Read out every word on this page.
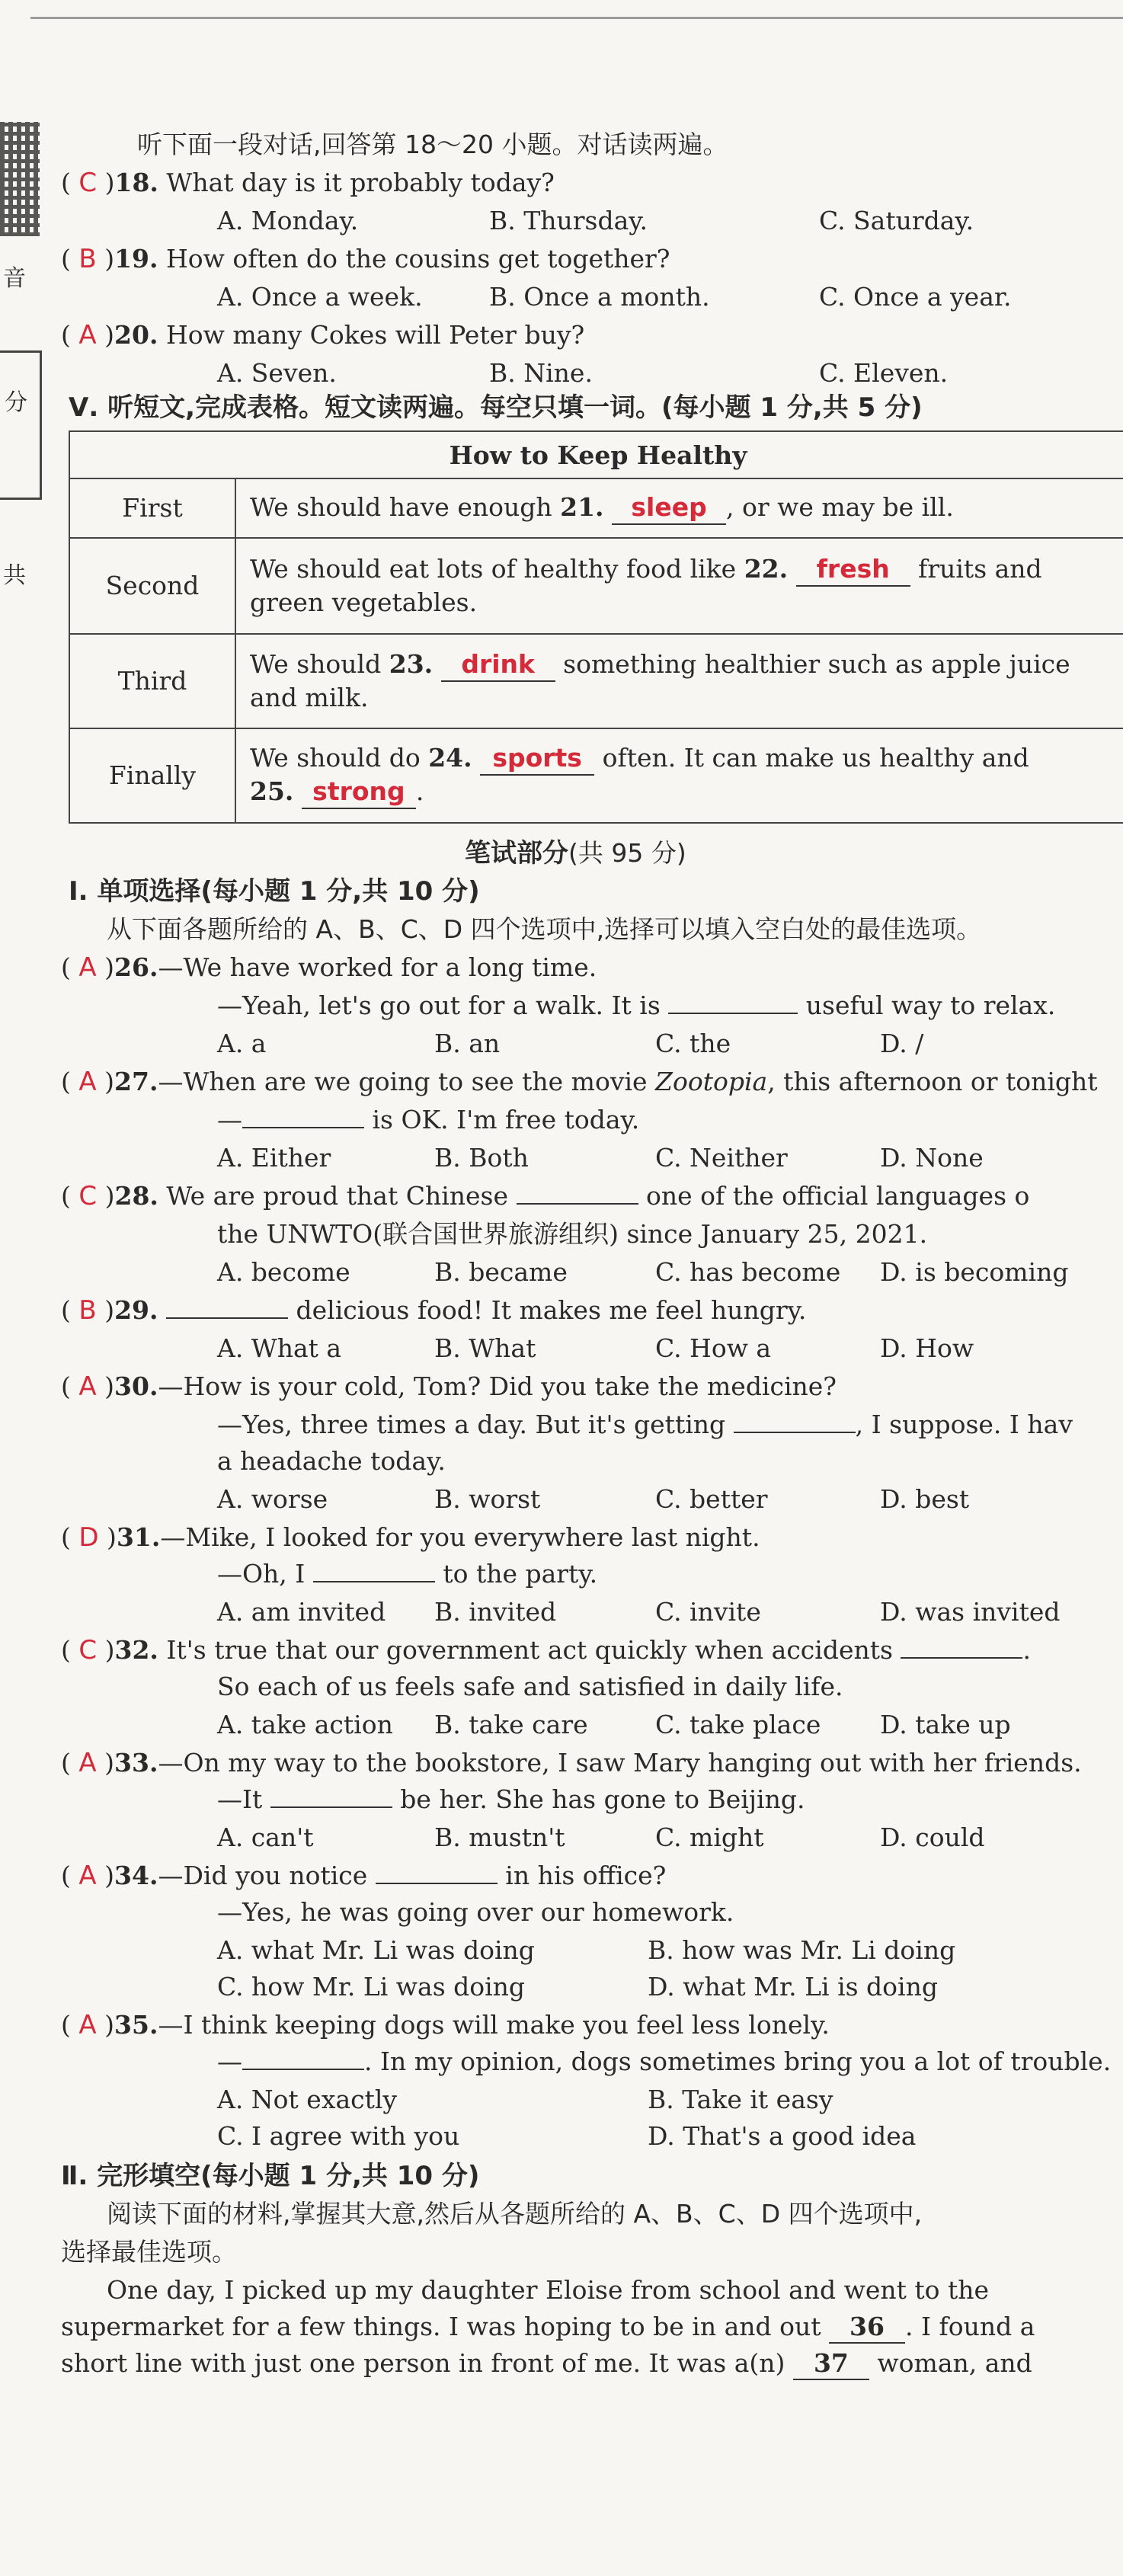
音
分
共
听下面一段对话,回答第 18～20 小题。对话读两遍。
( C )18. What day is it probably today?
A. Monday.	B. Thursday.	C. Saturday.
( B )19. How often do the cousins get together?
A. Once a week.	B. Once a month.	C. Once a year.
( A )20. How many Cokes will Peter buy?
A. Seven.	B. Nine.	C. Eleven.
Ⅴ. 听短文,完成表格。短文读两遍。每空只填一词。(每小题 1 分,共 5 分)
How to Keep Healthy	
First	We should have enough 21. sleep , or we may be ill.
Second	We should eat lots of healthy food like 22. fresh fruits and
green vegetables.
Third	We should 23. drink something healthier such as apple juice
and milk.
Finally	We should do 24. sports often. It can make us healthy and
25. strong .
笔试部分(共 95 分)
Ⅰ. 单项选择(每小题 1 分,共 10 分)
从下面各题所给的 A、B、C、D 四个选项中,选择可以填入空白处的最佳选项。
( A )26.—We have worked for a long time.
—Yeah, let's go out for a walk. It is	useful way to relax.
A. a	B. an	C. the	D. /
( A )27.—When are we going to see the movie Zootopia, this afternoon or tonight
—	is OK. I'm free today.
A. Either	B. Both	C. Neither	D. None
( C )28. We are proud that Chinese	one of the official languages o
the UNWTO(联合国世界旅游组织) since January 25, 2021.
A. become	B. became	C. has become D. is becoming
( B )29.	delicious food! It makes me feel hungry.
A. What a	B. What	C. How a	D. How
( A )30.—How is your cold, Tom? Did you take the medicine?
—Yes, three times a day. But it's getting	, I suppose. I hav
a headache today.
A. worse	B. worst	C. better	D. best
( D )31.—Mike, I looked for you everywhere last night.
—Oh, I	to the party.
A. am invited B. invited	C. invite	D. was invited
( C )32. It's true that our government act quickly when accidents	.
So each of us feels safe and satisfied in daily life.
A. take action B. take care	C. take place D. take up
( A )33.—On my way to the bookstore, I saw Mary hanging out with her friends.
—It	be her. She has gone to Beijing.
A. can't	B. mustn't	C. might	D. could
( A )34.—Did you notice	in his office?
—Yes, he was going over our homework.
A. what Mr. Li was doing	B. how was Mr. Li doing
C. how Mr. Li was doing	D. what Mr. Li is doing
( A )35.—I think keeping dogs will make you feel less lonely.
—	. In my opinion, dogs sometimes bring you a lot of trouble.
A. Not exactly	B. Take it easy
C. I agree with you	D. That's a good idea
Ⅱ. 完形填空(每小题 1 分,共 10 分)
阅读下面的材料,掌握其大意,然后从各题所给的 A、B、C、D 四个选项中,
选择最佳选项。
One day, I picked up my daughter Eloise from school and went to the
supermarket for a few things. I was hoping to be in and out 36 . I found a
short line with just one person in front of me. It was a(n) 37 woman, and
